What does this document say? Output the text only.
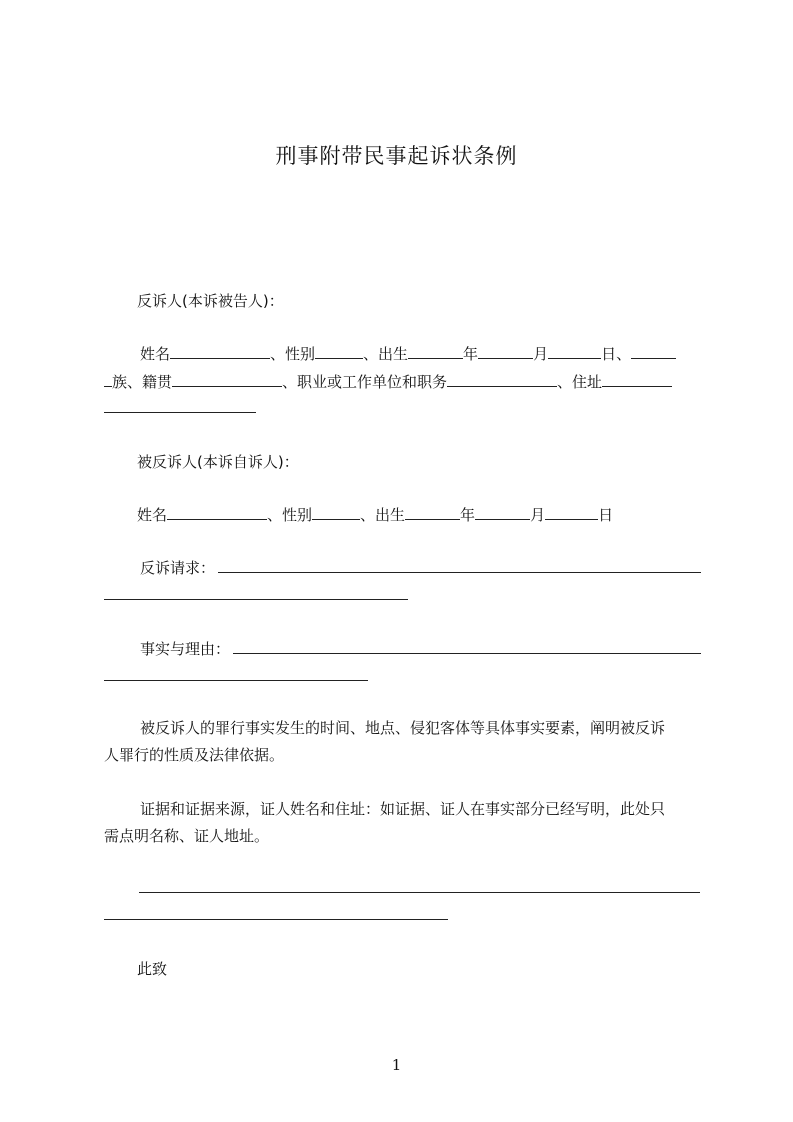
刑事附带民事起诉状条例
反诉人(本诉被告人)：
姓名	、性别	、出生	年	月	日、
族、籍贯	、职业或工作单位和职务	、住址
被反诉人(本诉自诉人)：
姓名	、性别	、出生	年	月	日
反诉请求：
事实与理由：
被反诉人的罪行事实发生的时间、地点、侵犯客体等具体事实要素，阐明被反诉
人罪行的性质及法律依据。
证据和证据来源，证人姓名和住址：如证据、证人在事实部分已经写明，此处只
需点明名称、证人地址。
此致
1
